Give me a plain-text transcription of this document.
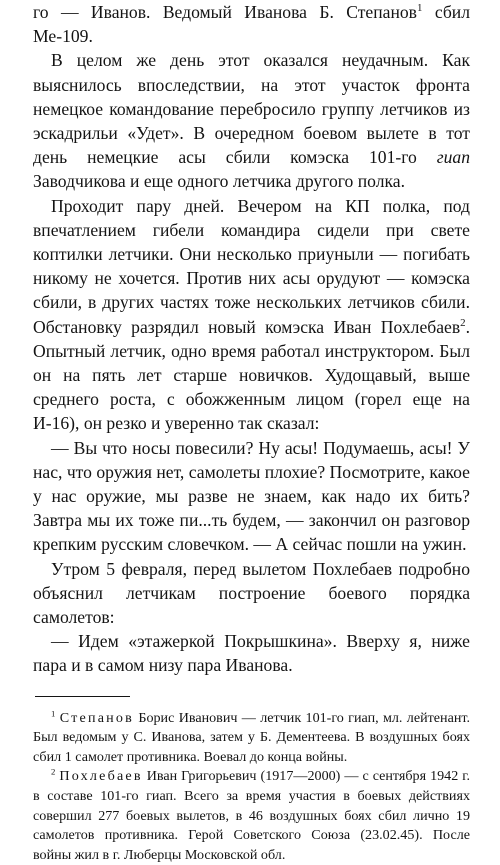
го — Иванов. Ведомый Иванова Б. Степанов$^1$ сбил Ме-109.

В целом же день этот оказался неудачным. Как выяснилось впоследствии, на этот участок фронта немецкое командование перебросило группу летчиков из эскадрильи «Удет». В очередном боевом вылете в тот день немецкие асы сбили комэска 101-го гиап Заводчикова и еще одного летчика другого полка.

Проходит пару дней. Вечером на КП полка, под впечатлением гибели командира сидели при свете коптилки летчики. Они несколько приуныли — погибать никому не хочется. Против них асы орудуют — комэска сбили, в других частях тоже нескольких летчиков сбили. Обстановку разрядил новый комэска Иван Похлебаев$^2$. Опытный летчик, одно время работал инструктором. Был он на пять лет старше новичков. Худощавый, выше среднего роста, с обожженным лицом (горел еще на И-16), он резко и уверенно так сказал:

— Вы что носы повесили? Ну асы! Подумаешь, асы! У нас, что оружия нет, самолеты плохие? Посмотрите, какое у нас оружие, мы разве не знаем, как надо их бить? Завтра мы их тоже пи...ть будем, — закончил он разговор крепким русским словечком. — А сейчас пошли на ужин.

Утром 5 февраля, перед вылетом Похлебаев подробно объяснил летчикам построение боевого порядка самолетов:

— Идем «этажеркой Покрышкина». Вверху я, ниже пара и в самом низу пара Иванова.

$^1$ Степанов Борис Иванович — летчик 101-го гиап, мл. лейтенант. Был ведомым у С. Иванова, затем у Б. Дементеева. В воздушных боях сбил 1 самолет противника. Воевал до конца войны.

$^2$ Похлебаев Иван Григорьевич (1917—2000) — с сентября 1942 г. в составе 101-го гиап. Всего за время участия в боевых действиях совершил 277 боевых вылетов, в 46 воздушных боях сбил лично 19 самолетов противника. Герой Советского Союза (23.02.45). После войны жил в г. Люберцы Московской обл.
